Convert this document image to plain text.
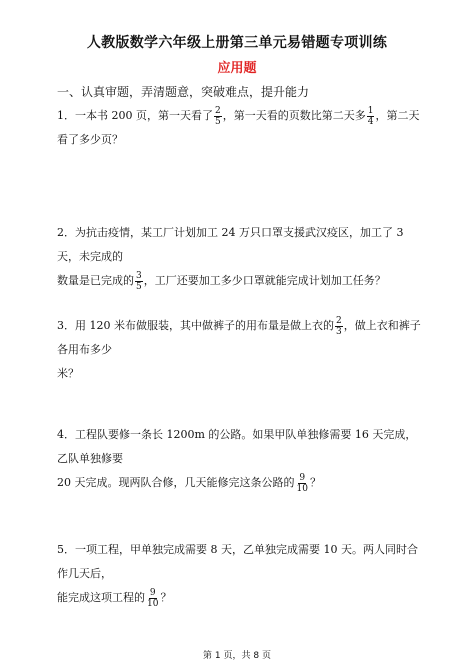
人教版数学六年级上册第三单元易错题专项训练
应用题
一、认真审题，弄清题意，突破难点，提升能力
1．一本书 200 页，第一天看了 $\frac{2}{5}$ ，第一天看的页数比第二天多 $\frac{1}{4}$ ，第二天看了多少页？
2．为抗击疫情，某工厂计划加工 24 万只口罩支援武汉疫区，加工了 3 天，未完成的
数量是已完成的 $\frac{3}{5}$ ，工厂还要加工多少口罩就能完成计划加工任务？
3．用 120 米布做服装，其中做裤子的用布量是做上衣的 $\frac{2}{3}$ ，做上衣和裤子各用布多少
米？
4．工程队要修一条长 1200m 的公路。如果甲队单独修需要 16 天完成，乙队单独修要
20 天完成。现两队合修，几天能修完这条公路的 $\frac{9}{10}$ ？
5．一项工程，甲单独完成需要 8 天，乙单独完成需要 10 天。两人同时合作几天后，
能完成这项工程的 $\frac{9}{10}$ ？
第 1 页，共 8 页
